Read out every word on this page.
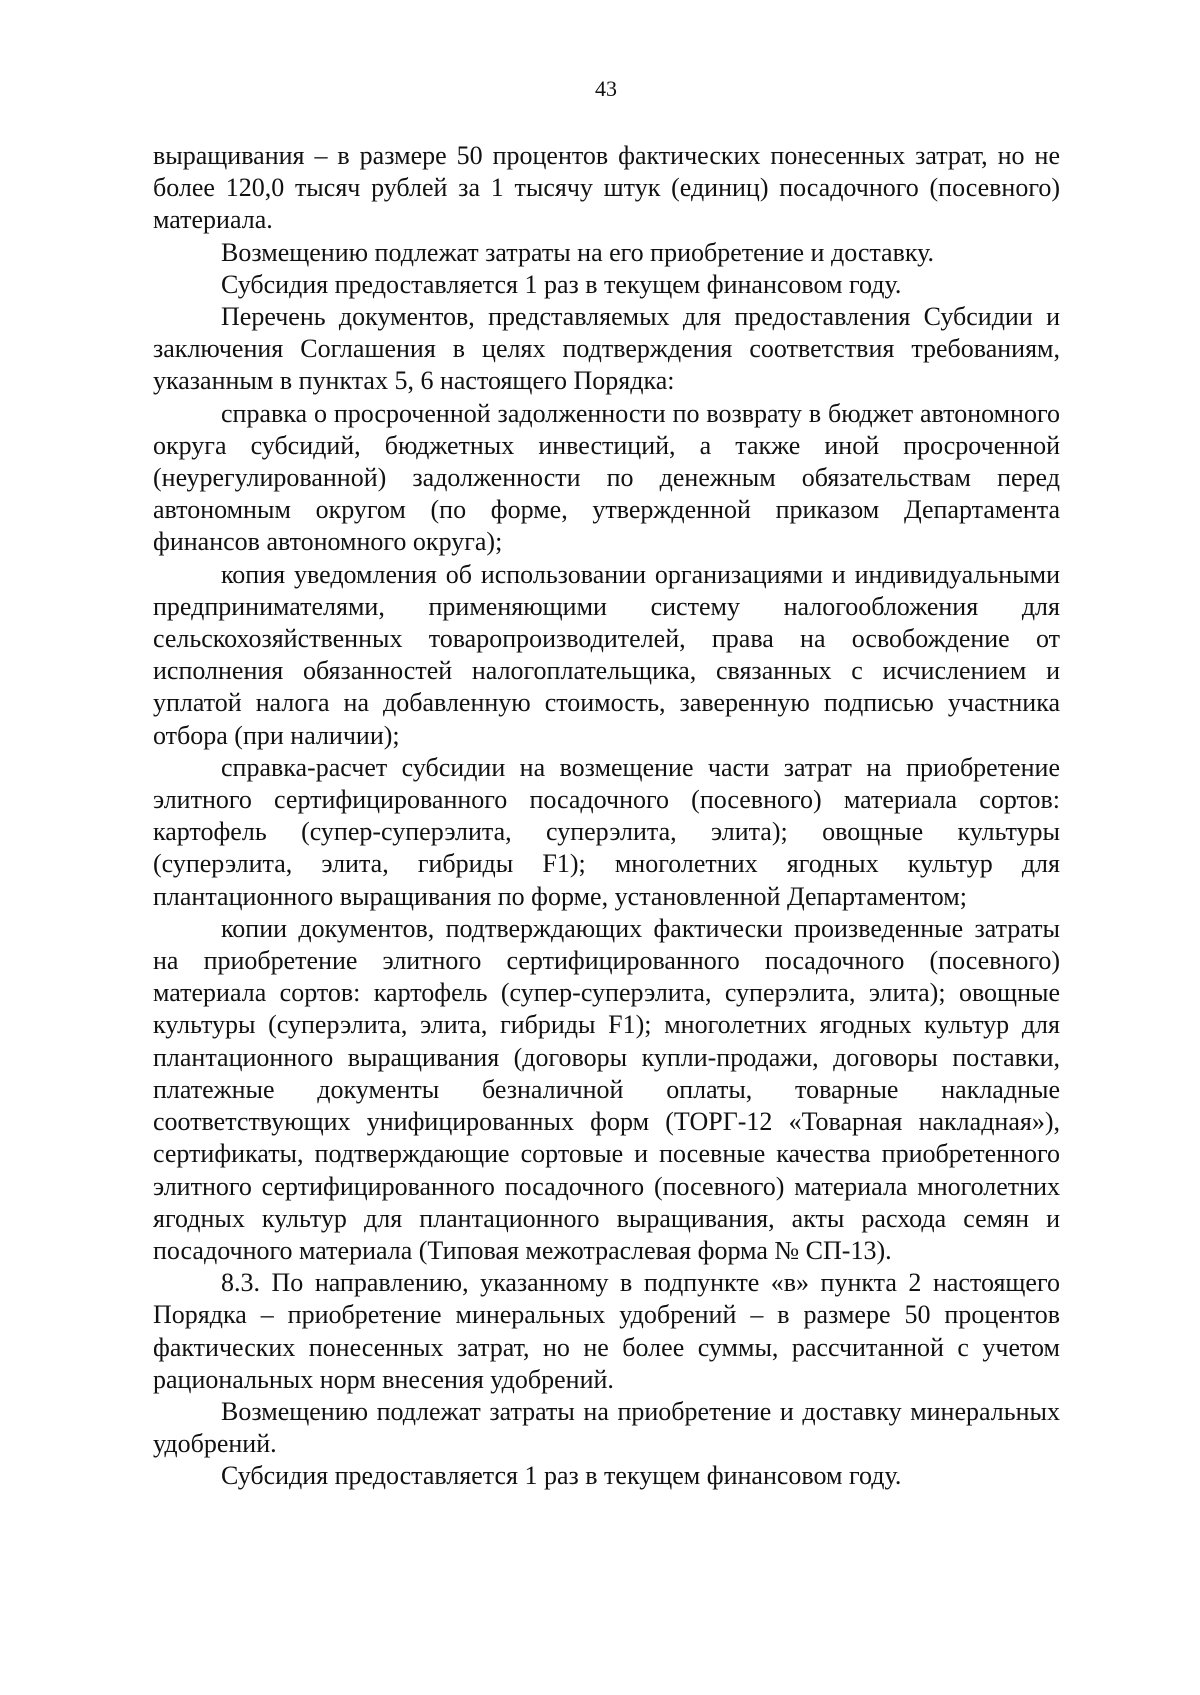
43

выращивания – в размере 50 процентов фактических понесенных затрат, но не более 120,0 тысяч рублей за 1 тысячу штук (единиц) посадочного (посевного) материала.

Возмещению подлежат затраты на его приобретение и доставку.

Субсидия предоставляется 1 раз в текущем финансовом году.

Перечень документов, представляемых для предоставления Субсидии и заключения Соглашения в целях подтверждения соответствия требованиям, указанным в пунктах 5, 6 настоящего Порядка:

справка о просроченной задолженности по возврату в бюджет автономного округа субсидий, бюджетных инвестиций, а также иной просроченной (неурегулированной) задолженности по денежным обязательствам перед автономным округом (по форме, утвержденной приказом Департамента финансов автономного округа);

копия уведомления об использовании организациями и индивидуальными предпринимателями, применяющими систему налогообложения для сельскохозяйственных товаропроизводителей, права на освобождение от исполнения обязанностей налогоплательщика, связанных с исчислением и уплатой налога на добавленную стоимость, заверенную подписью участника отбора (при наличии);

справка-расчет субсидии на возмещение части затрат на приобретение элитного сертифицированного посадочного (посевного) материала сортов: картофель (супер-суперэлита, суперэлита, элита); овощные культуры (суперэлита, элита, гибриды F1); многолетних ягодных культур для плантационного выращивания по форме, установленной Департаментом;

копии документов, подтверждающих фактически произведенные затраты на приобретение элитного сертифицированного посадочного (посевного) материала сортов: картофель (супер-суперэлита, суперэлита, элита); овощные культуры (суперэлита, элита, гибриды F1); многолетних ягодных культур для плантационного выращивания (договоры купли-продажи, договоры поставки, платежные документы безналичной оплаты, товарные накладные соответствующих унифицированных форм (ТОРГ-12 «Товарная накладная»), сертификаты, подтверждающие сортовые и посевные качества приобретенного элитного сертифицированного посадочного (посевного) материала многолетних ягодных культур для плантационного выращивания, акты расхода семян и посадочного материала (Типовая межотраслевая форма № СП-13).

8.3. По направлению, указанному в подпункте «в» пункта 2 настоящего Порядка – приобретение минеральных удобрений – в размере 50 процентов фактических понесенных затрат, но не более суммы, рассчитанной с учетом рациональных норм внесения удобрений.

Возмещению подлежат затраты на приобретение и доставку минеральных удобрений.

Субсидия предоставляется 1 раз в текущем финансовом году.
